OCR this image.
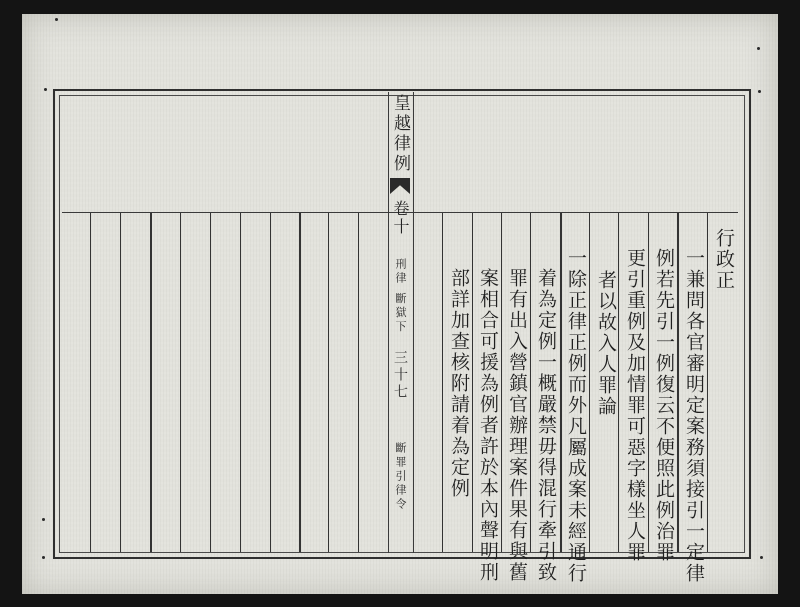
皇越律例
卷十
刑律 斷獄下
三十七
斷罪引律令
行政正
一兼問各官審明定案務須接引一定律
例若先引一例復云不便照此例治罪
更引重例及加情罪可惡字樣坐人罪
者以故入人罪論
一除正律正例而外凡屬成案未經通行
着為定例一概嚴禁毋得混行牽引致
罪有出入營鎮官辦理案件果有與舊
案相合可援為例者許於本內聲明刑
部詳加查核附請着為定例
